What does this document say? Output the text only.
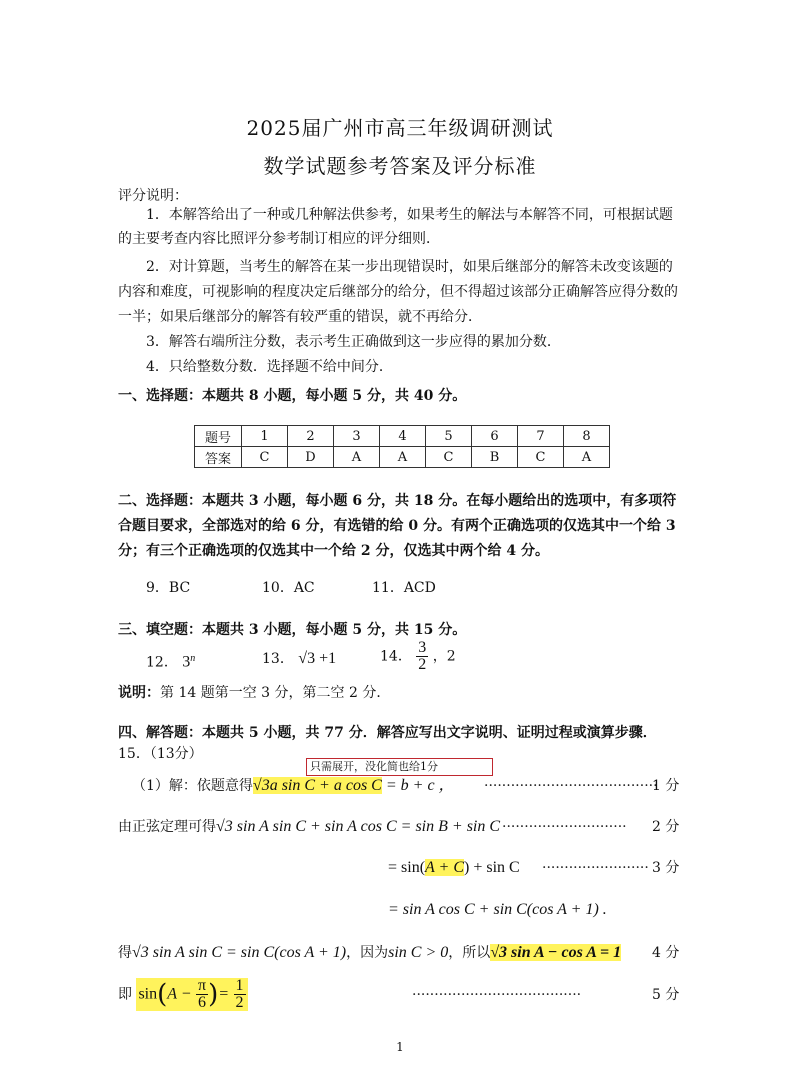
2025届广州市高三年级调研测试
数学试题参考答案及评分标准
评分说明：
1．本解答给出了一种或几种解法供参考，如果考生的解法与本解答不同，可根据试题的主要考查内容比照评分参考制订相应的评分细则．
2．对计算题，当考生的解答在某一步出现错误时，如果后继部分的解答未改变该题的内容和难度，可视影响的程度决定后继部分的给分，但不得超过该部分正确解答应得分数的一半；如果后继部分的解答有较严重的错误，就不再给分．
3．解答右端所注分数，表示考生正确做到这一步应得的累加分数．
4．只给整数分数．选择题不给中间分．
一、选择题：本题共 8 小题，每小题 5 分，共 40 分。
题号	1	2	3	4	5	6	7	8
答案	C	D	A	A	C	B	C	A
二、选择题：本题共 3 小题，每小题 6 分，共 18 分。在每小题给出的选项中，有多项符合题目要求，全部选对的给 6 分，有选错的给 0 分。有两个正确选项的仅选其中一个给 3 分；有三个正确选项的仅选其中一个给 2 分，仅选其中两个给 4 分。
9．BC	10．AC	11．ACD
三、填空题：本题共 3 小题，每小题 5 分，共 15 分。
12． 3$^n$	13． √3 +1	14． $\frac{3}{2}$ ，2
说明：第 14 题第一空 3 分，第二空 2 分．
四、解答题：本题共 5 小题，共 77 分．解答应写出文字说明、证明过程或演算步骤．
15．（13分）
只需展开，没化简也给1分
（1）解：依题意得√3a sin C + a cos C = b + c ， ·······································
1 分
由正弦定理可得√3 sin A sin C + sin A cos C = sin B + sin C ···························· 2 分
= sin(A + C) + sin C ························ 3 分
= sin A cos C + sin C(cos A + 1) .
得√3 sin A sin C = sin C(cos A + 1)，因为sin C > 0，所以√3 sin A − cos A = 1 4 分
即 $\sin(A - \frac{\pi}{6}$ )= $\frac{1}{2}$	······································	5 分
1
